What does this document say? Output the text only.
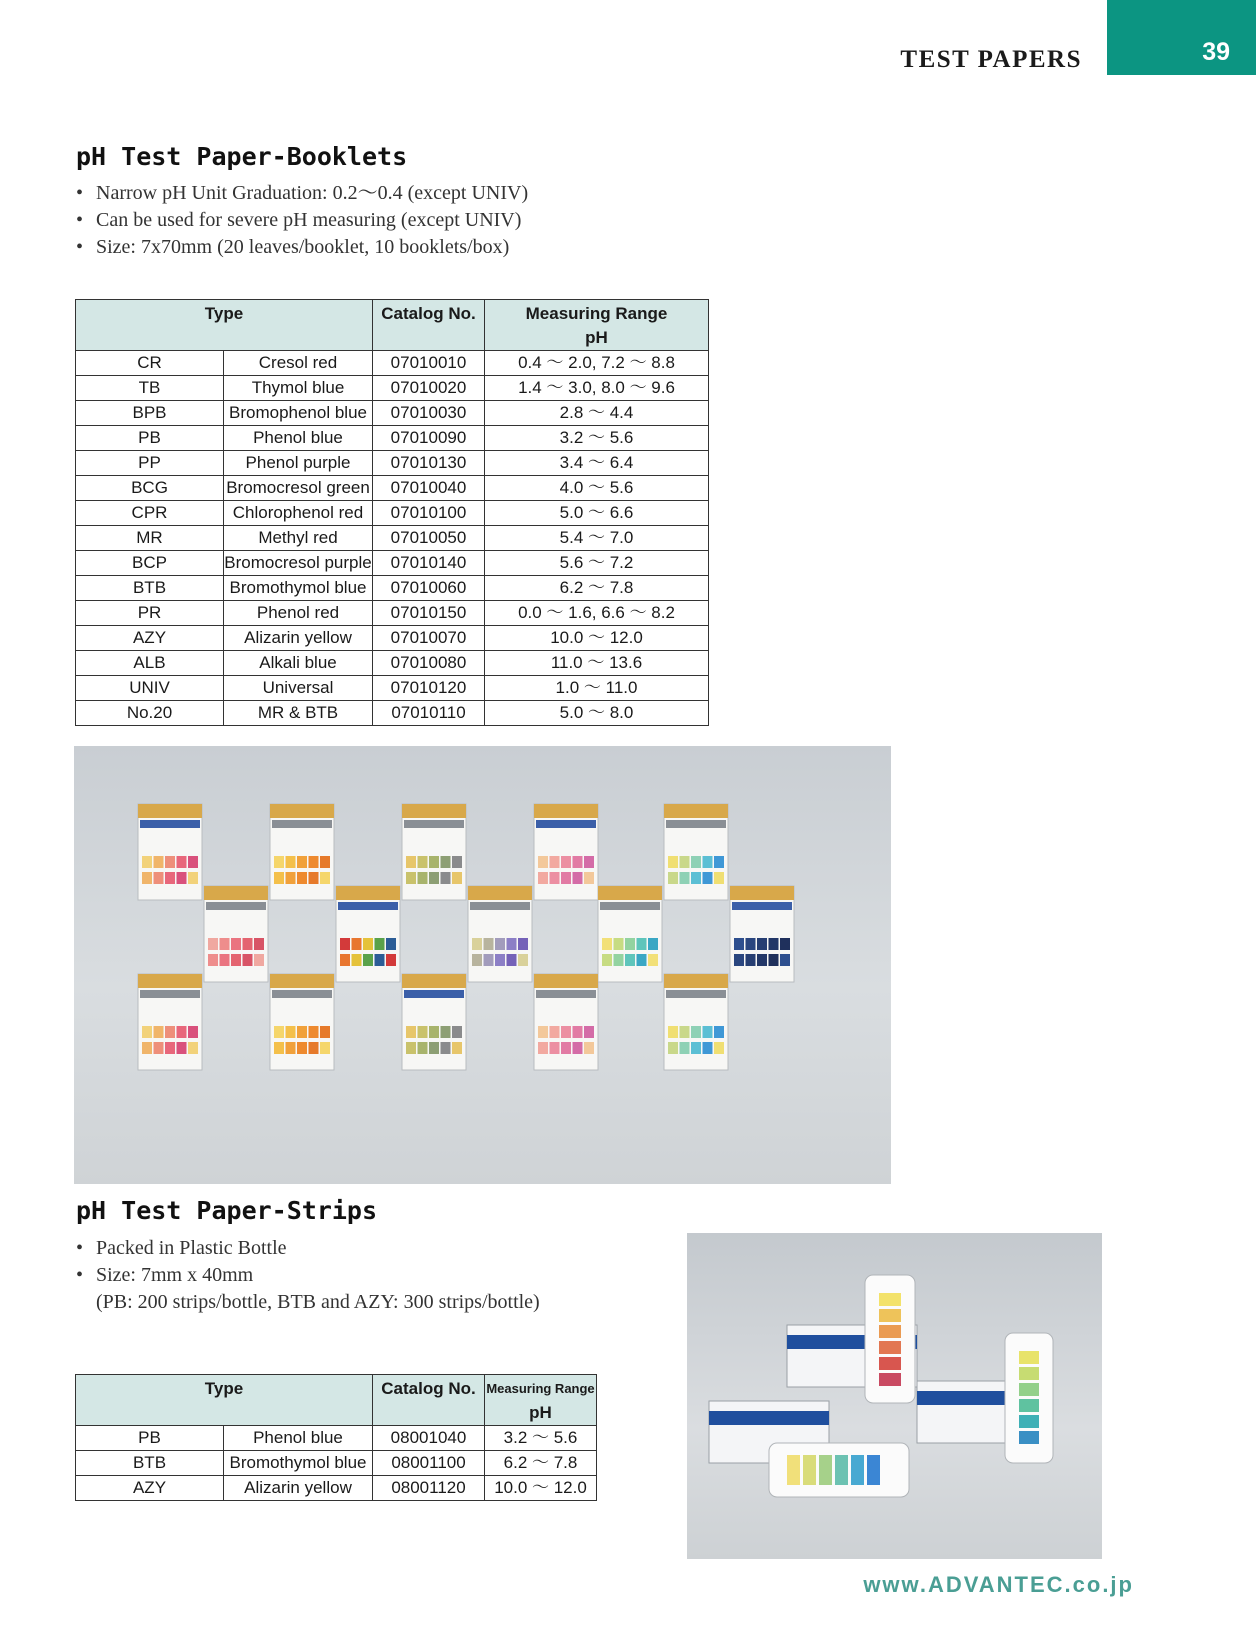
TEST PAPERS	39
pH Test Paper-Booklets
• Narrow pH Unit Graduation: 0.2〜0.4 (except UNIV)
• Can be used for severe pH measuring (except UNIV)
• Size: 7x70mm (20 leaves/booklet, 10 booklets/box)
Type		Catalog No.	Measuring Range
pH

CR	Cresol red	07010010	0.4 〜 2.0, 7.2 〜 8.8
TB	Thymol blue	07010020	1.4 〜 3.0, 8.0 〜 9.6
BPB	Bromophenol blue	07010030	2.8 〜 4.4
PB	Phenol blue	07010090	3.2 〜 5.6
PP	Phenol purple	07010130	3.4 〜 6.4
BCG	Bromocresol green	07010040	4.0 〜 5.6
CPR	Chlorophenol red	07010100	5.0 〜 6.6
MR	Methyl red	07010050	5.4 〜 7.0
BCP	Bromocresol purple	07010140	5.6 〜 7.2
BTB	Bromothymol blue	07010060	6.2 〜 7.8
PR	Phenol red	07010150	0.0 〜 1.6, 6.6 〜 8.2
AZY	Alizarin yellow	07010070	10.0 〜 12.0
ALB	Alkali blue	07010080	11.0 〜 13.6
UNIV	Universal	07010120	1.0 〜 11.0
No.20	MR & BTB	07010110	5.0 〜 8.0
pH Test Paper-Strips
• Packed in Plastic Bottle
• Size: 7mm x 40mm
(PB: 200 strips/bottle, BTB and AZY: 300 strips/bottle)
Type		Catalog No.	Measuring Range
pH

PB	Phenol blue	08001040	3.2 〜 5.6
BTB	Bromothymol blue	08001100	6.2 〜 7.8
AZY	Alizarin yellow	08001120	10.0 〜 12.0
www.ADVANTEC.co.jp
